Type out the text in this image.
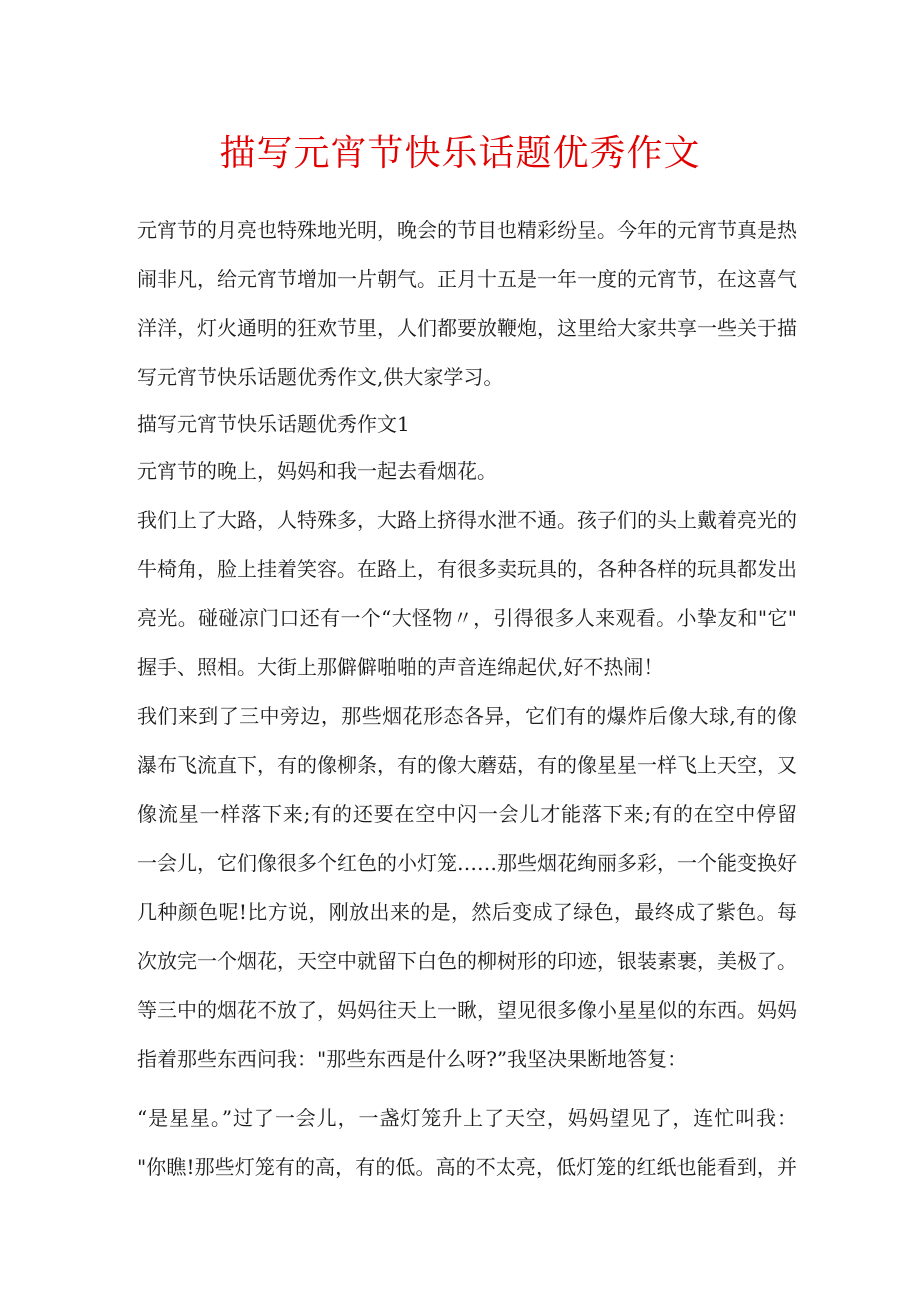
描写元宵节快乐话题优秀作文
元宵节的月亮也特殊地光明，晚会的节目也精彩纷呈。今年的元宵节真是热
闹非凡，给元宵节增加一片朝气。正月十五是一年一度的元宵节，在这喜气
洋洋，灯火通明的狂欢节里，人们都要放鞭炮，这里给大家共享一些关于描
写元宵节快乐话题优秀作文,供大家学习。
描写元宵节快乐话题优秀作文1
元宵节的晚上，妈妈和我一起去看烟花。
我们上了大路，人特殊多，大路上挤得水泄不通。孩子们的头上戴着亮光的
牛椅角，脸上挂着笑容。在路上，有很多卖玩具的，各种各样的玩具都发出
亮光。碰碰凉门口还有一个“大怪物〃，引得很多人来观看。小挚友和"它"
握手、照相。大街上那僻僻啪啪的声音连绵起伏,好不热闹！
我们来到了三中旁边，那些烟花形态各异，它们有的爆炸后像大球,有的像
瀑布飞流直下，有的像柳条，有的像大蘑菇，有的像星星一样飞上天空，又
像流星一样落下来;有的还要在空中闪一会儿才能落下来;有的在空中停留
一会儿，它们像很多个红色的小灯笼……那些烟花绚丽多彩，一个能变换好
几种颜色呢!比方说，刚放出来的是，然后变成了绿色，最终成了紫色。每
次放完一个烟花，天空中就留下白色的柳树形的印迹，银装素裹，美极了。
等三中的烟花不放了，妈妈往天上一瞅，望见很多像小星星似的东西。妈妈
指着那些东西问我："那些东西是什么呀?”我坚决果断地答复：
“是星星。”过了一会儿，一盏灯笼升上了天空，妈妈望见了，连忙叫我：
"你瞧!那些灯笼有的高，有的低。高的不太亮，低灯笼的红纸也能看到，并
